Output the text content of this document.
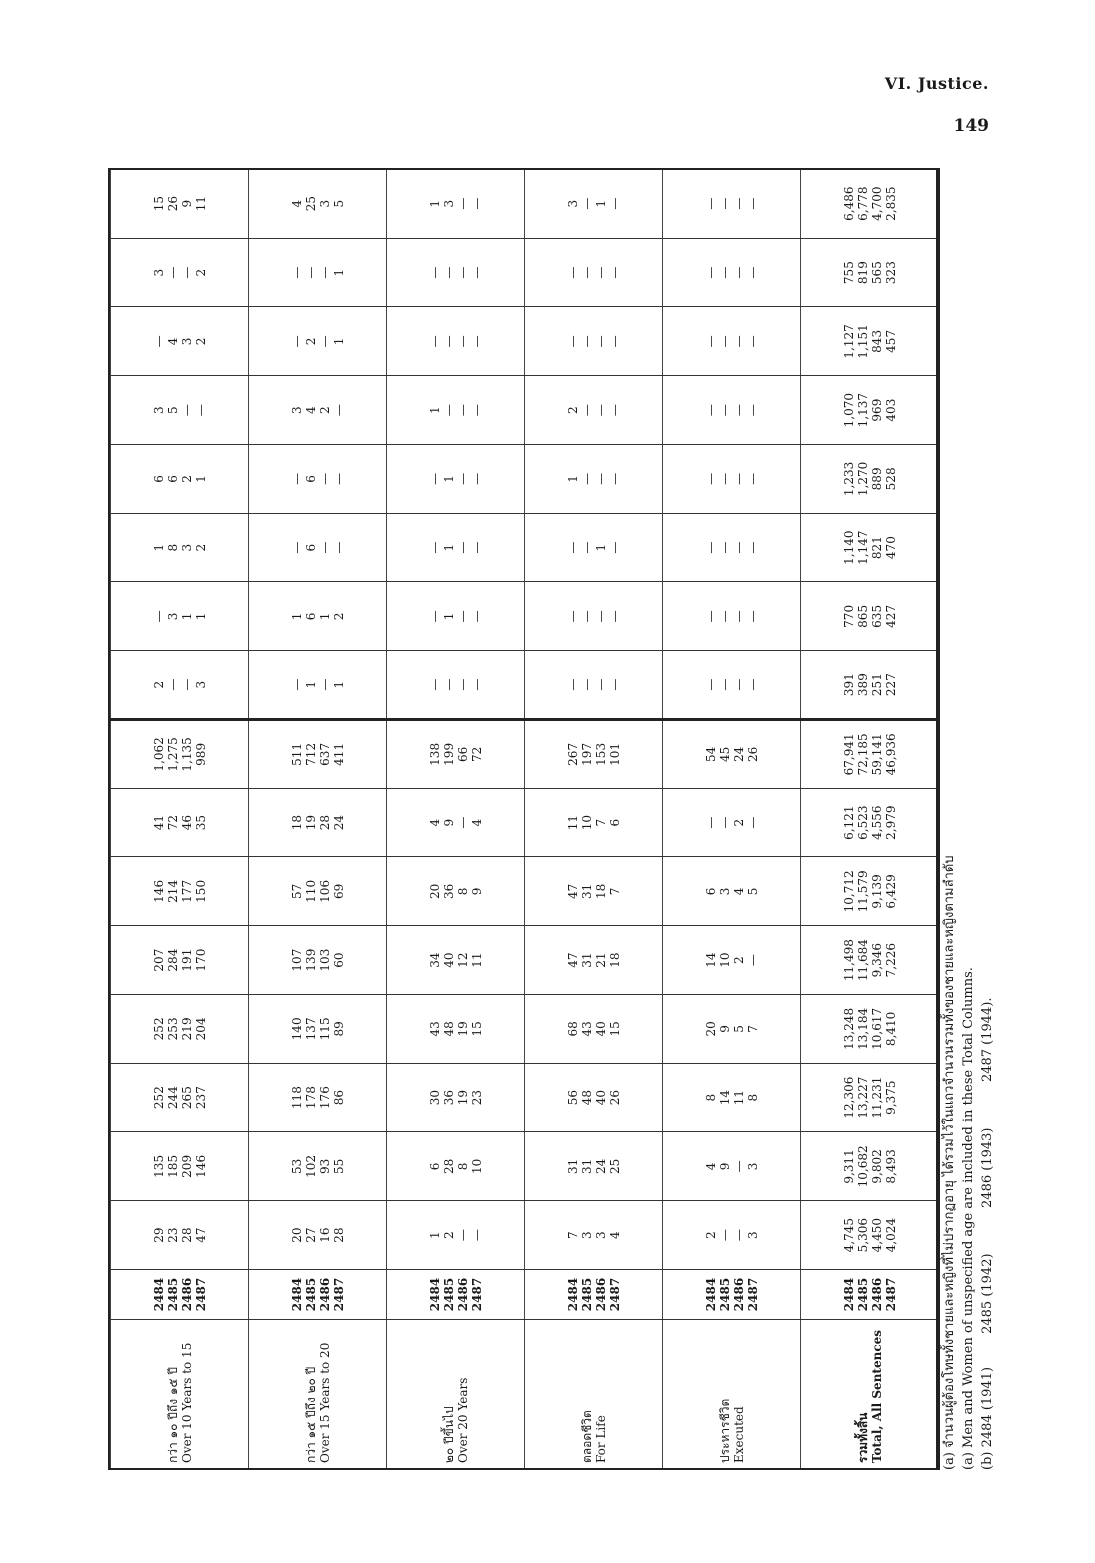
VI. Justice.
149
กว่า ๑๐ ปีถึง ๑๕ ปี Over 10 Years to 15	2484 2485 2486 2487	29 23 28 47	135 185 209 146	252 244 265 237	252 253 219 204	207 284 191 170	146 214 177 150	41 72 46 35	1,062 1,275 1,135 989	2 — — 3	— 3 1 1	1 8 3 2	6 6 2 1	3 5 — —	— 4 3 2	3 — — 2	15 26 9 11

กว่า ๑๕ ปีถึง ๒๐ ปี Over 15 Years to 20	2484 2485 2486 2487	20 27 16 28	53 102 93 55	118 178 176 86	140 137 115 89	107 139 103 60	57 110 106 69	18 19 28 24	511 712 637 411	— 1 — 1	1 6 1 2	— 6 — —	— 6 — —	3 4 2 —	— 2 — 1	— — — 1	4 25 3 5

๒๐ ปีขึ้นไป Over 20 Years	2484 2485 2486 2487	1 2 — —	6 28 8 10	30 36 19 23	43 48 19 15	34 40 12 11	20 36 8 9	4 9 — 4	138 199 66 72	— — — —	— 1 — —	— 1 — —	— 1 — —	1 — — —	— — — —	— — — —	1 3 — —

ตลอดชีวิต For Life	2484 2485 2486 2487	7 3 3 4	31 31 24 25	56 48 40 26	68 43 40 15	47 31 21 18	47 31 18 7	11 10 7 6	267 197 153 101	— — — —	— — — —	— — 1 —	1 — — —	2 — — —	— — — —	— — — —	3 — 1 —

ประหารชีวิต Executed	2484 2485 2486 2487	2 — — 3	4 9 — 3	8 14 11 8	20 9 5 7	14 10 2 —	6 3 4 5	— — 2 —	54 45 24 26	— — — —	— — — —	— — — —	— — — —	— — — —	— — — —	— — — —	— — — —

รวมทั้งสิ้น Total, All Sentences	2484 2485 2486 2487	4,745 5,306 4,450 4,024	9,311 10,682 9,802 8,493	12,306 13,227 11,231 9,375	13,248 13,184 10,617 8,410	11,498 11,684 9,346 7,226	10,712 11,579 9,139 6,429	6,121 6,523 4,556 2,979	67,941 72,185 59,141 46,936	391 389 251 227	770 865 635 427	1,140 1,147 821 470	1,233 1,270 889 528	1,070 1,137 969 403	1,127 1,151 843 457	755 819 565 323	6,486 6,778 4,700 2,835
(a) จำนวนผู้ต้องโทษทั้งชายและหญิงที่ไม่ปรากฏอายุ ได้รวมไว้ในแถวจำนวนรวมทั้งของชายและหญิงตามลำดับ (a) Men and Women of unspecified age are included in these Total Columns. (b) 2484 (1941)        2485 (1942)           2486 (1943)           2487 (1944).
